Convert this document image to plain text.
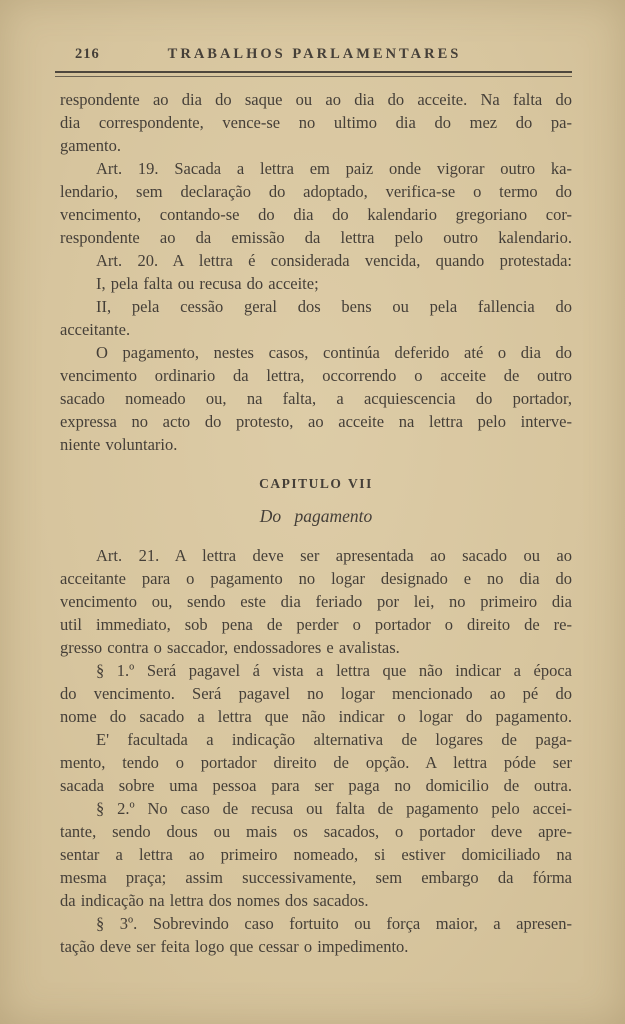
216	TRABALHOS PARLAMENTARES

respondente ao dia do saque ou ao dia do acceite. Na falta do
dia correspondente, vence-se no ultimo dia do mez do pa-
gamento.

Art. 19. Sacada a lettra em paiz onde vigorar outro ka-
lendario, sem declaração do adoptado, verifica-se o termo do
vencimento, contando-se do dia do kalendario gregoriano cor-
respondente ao da emissão da lettra pelo outro kalendario.

Art. 20. A lettra é considerada vencida, quando protestada:

I, pela falta ou recusa do acceite;

II, pela cessão geral dos bens ou pela fallencia do
acceitante.

O pagamento, nestes casos, continúa deferido até o dia do
vencimento ordinario da lettra, occorrendo o acceite de outro
sacado nomeado ou, na falta, a acquiescencia do portador,
expressa no acto do protesto, ao acceite na lettra pelo interve-
niente voluntario.

CAPITULO VII
Do pagamento

Art. 21. A lettra deve ser apresentada ao sacado ou ao
acceitante para o pagamento no logar designado e no dia do
vencimento ou, sendo este dia feriado por lei, no primeiro dia
util immediato, sob pena de perder o portador o direito de re-
gresso contra o saccador, endossadores e avalistas.

§ 1.º Será pagavel á vista a lettra que não indicar a época
do vencimento. Será pagavel no logar mencionado ao pé do
nome do sacado a lettra que não indicar o logar do pagamento.

E' facultada a indicação alternativa de logares de paga-
mento, tendo o portador direito de opção. A lettra póde ser
sacada sobre uma pessoa para ser paga no domicilio de outra.

§ 2.º No caso de recusa ou falta de pagamento pelo accei-
tante, sendo dous ou mais os sacados, o portador deve apre-
sentar a lettra ao primeiro nomeado, si estiver domiciliado na
mesma praça; assim successivamente, sem embargo da fórma
da indicação na lettra dos nomes dos sacados.

§ 3º. Sobrevindo caso fortuito ou força maior, a apresen-
tação deve ser feita logo que cessar o impedimento.
